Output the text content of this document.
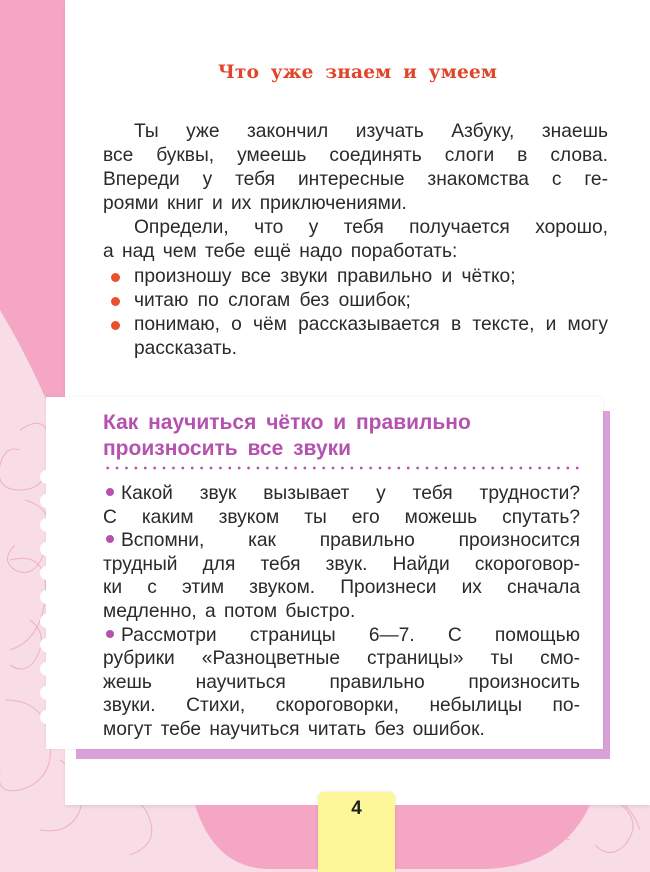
Что уже знаем и умеем

Ты уже закончил изучать Азбуку, знаешь

все буквы, умеешь соединять слоги в слова.

Впереди у тебя интересные знакомства с ге-

роями книг и их приключениями.

Определи, что у тебя получается хорошо,

а над чем тебе ещё надо поработать:

произношу все звуки правильно и чётко;
читаю по слогам без ошибок;
понимаю, о чём рассказывается в тексте, и могу рассказать.
Как научиться чётко и правильно
произносить все звуки

Какой звук вызывает у тебя трудности?

С каким звуком ты его можешь спутать?

Вспомни, как правильно произносится

трудный для тебя звук. Найди скороговор-

ки с этим звуком. Произнеси их сначала

медленно, а потом быстро.

Рассмотри страницы 6—7. С помощью

рубрики «Разноцветные страницы» ты смо-

жешь научиться правильно произносить

звуки. Стихи, скороговорки, небылицы по-

могут тебе научиться читать без ошибок.

4
